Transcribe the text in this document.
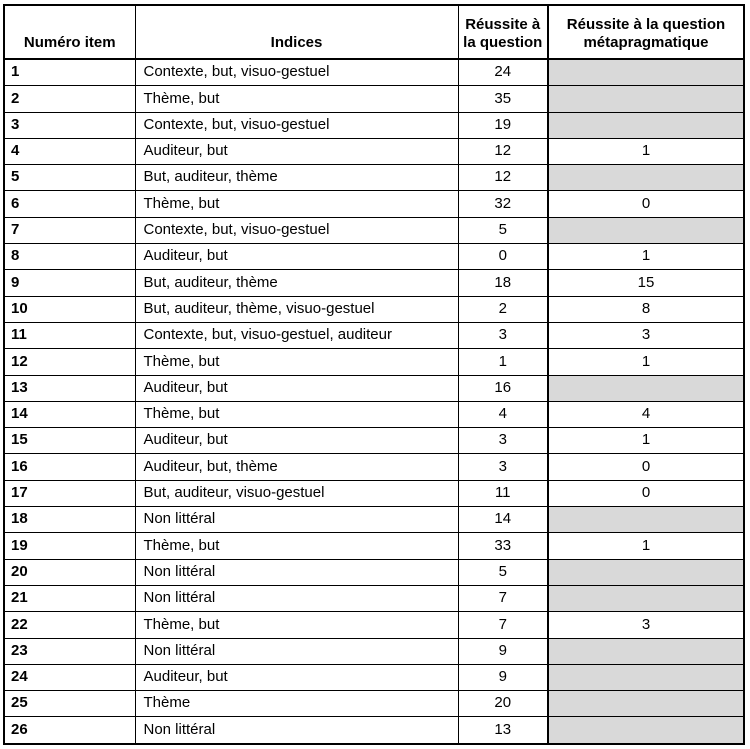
Numéro item	Indices	Réussite à la question	Réussite à la question métapragmatique
1	Contexte, but, visuo-gestuel	24	
2	Thème, but	35	
3	Contexte, but, visuo-gestuel	19	
4	Auditeur, but	12	1
5	But, auditeur, thème	12	
6	Thème, but	32	0
7	Contexte, but, visuo-gestuel	5	
8	Auditeur, but	0	1
9	But, auditeur, thème	18	15
10	But, auditeur, thème, visuo-gestuel	2	8
11	Contexte, but, visuo-gestuel, auditeur	3	3
12	Thème, but	1	1
13	Auditeur, but	16	
14	Thème, but	4	4
15	Auditeur, but	3	1
16	Auditeur, but, thème	3	0
17	But, auditeur, visuo-gestuel	11	0
18	Non littéral	14	
19	Thème, but	33	1
20	Non littéral	5	
21	Non littéral	7	
22	Thème, but	7	3
23	Non littéral	9	
24	Auditeur, but	9	
25	Thème	20	
26	Non littéral	13	
